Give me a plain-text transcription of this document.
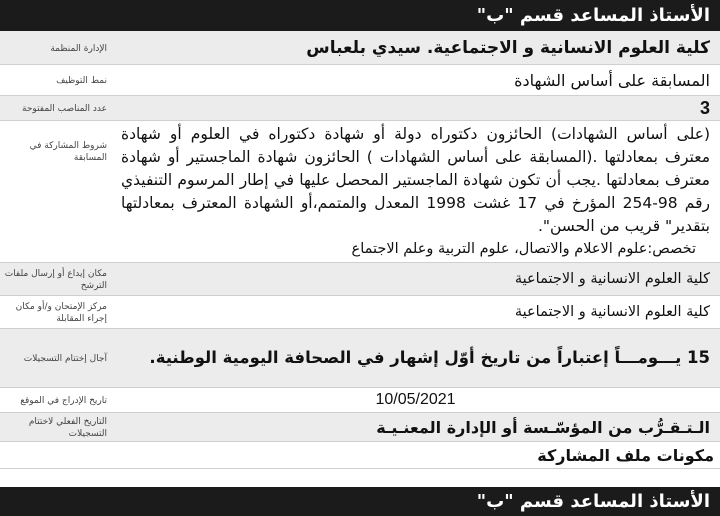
الأستاذ المساعد قسم "ب"
كلية العلوم الانسانية و الاجتماعية. سيدي بلعباس
الإدارة المنظمة
المسابقة على أساس الشهادة
نمط التوظيف
3
عدد المناصب المفتوحة
(على أساس الشهادات) الحائزون دكتوراه دولة أو شهادة دكتوراه في العلوم أو شهادة معترف بمعادلتها .(المسابقة على أساس الشهادات ) الحائزون شهادة الماجستير أو شهادة معترف بمعادلتها .يجب أن تكون شهادة الماجستير المحصل عليها في إطار المرسوم التنفيذي رقم 98-254 المؤرخ في 17 غشت 1998 المعدل والمتمم،أو الشهادة المعترف بمعادلتها بتقدير" قريب من الحسن".
تخصص:علوم الاعلام والاتصال، علوم التربية وعلم الاجتماع
شروط المشاركة في المسابقة
كلية العلوم الانسانية و الاجتماعية
مكان إيداع أو إرسال ملفات الترشح
كلية العلوم الانسانية و الاجتماعية
مركز الإمتحان و/أو مكان إجراء المقابلة
15 يـــومـــاً إعتباراً من تاريخ أوّل إشهار في الصحافة اليومية الوطنية.
آجال إختتام التسجيلات
10/05/2021
تاريخ الإدراج في الموقع
الـتـقـرُّب من المؤسّـسة أو الإدارة المعنـيـة
التاريخ الفعلي لاختتام التسجيلات
مكونات ملف المشاركة
الأستاذ المساعد قسم "ب"
